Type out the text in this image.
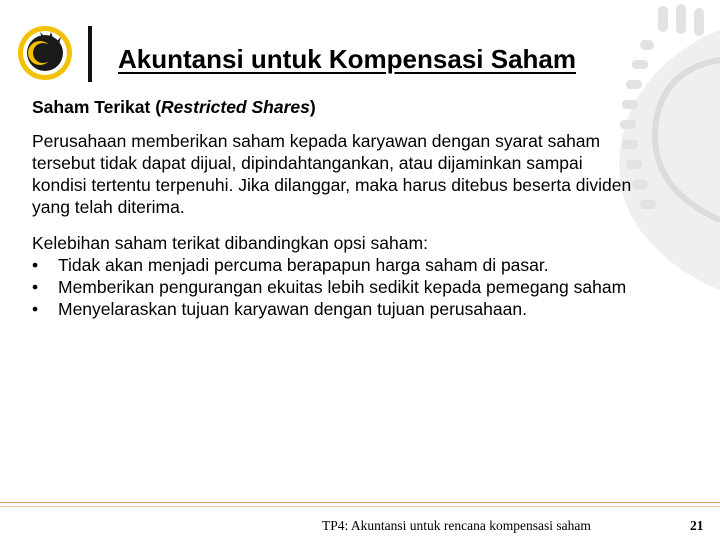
Akuntansi untuk Kompensasi Saham

Saham Terikat (Restricted Shares)

Perusahaan memberikan saham kepada karyawan dengan syarat saham tersebut tidak dapat dijual, dipindahtangankan, atau dijaminkan sampai kondisi tertentu terpenuhi. Jika dilanggar, maka harus ditebus beserta dividen yang telah diterima.

Kelebihan saham terikat dibandingkan opsi saham:

• Tidak akan menjadi percuma berapapun harga saham di pasar.
• Memberikan pengurangan ekuitas lebih sedikit kepada pemegang saham
• Menyelaraskan tujuan karyawan dengan tujuan perusahaan.
TP4: Akuntansi untuk rencana kompensasi saham	21
